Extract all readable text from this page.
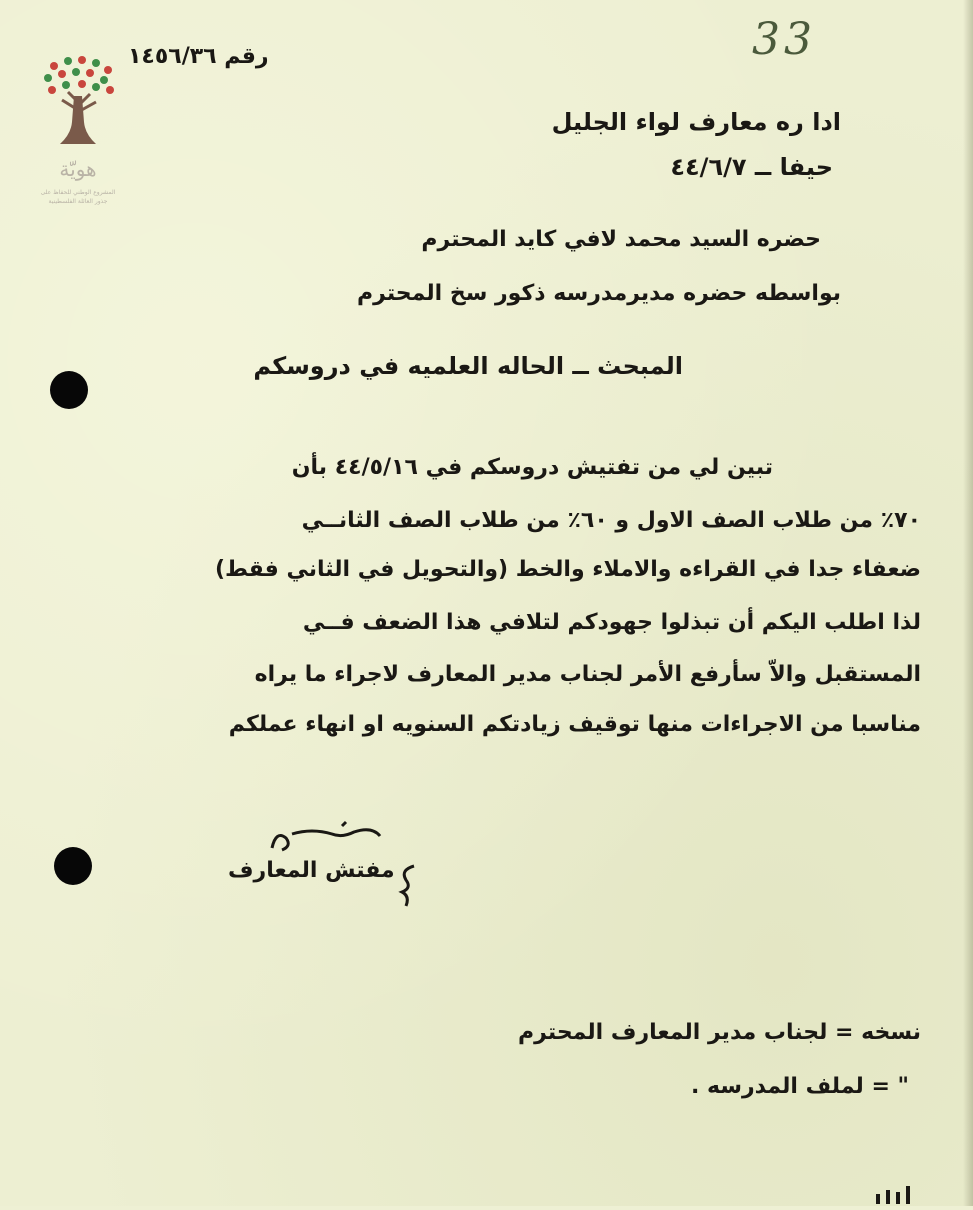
هويّة
المشروع الوطني للحفاظ على
جذور العائلة الفلسطينية
33
رقم ١٤٥٦/٣٦
ادا ره معارف لواء الجليل
حيفا ــ ٤٤/٦/٧
حضره السيد محمد لافي كايد المحترم
بواسطه حضره مديرمدرسه ذكور سخ المحترم
المبحث ــ الحاله العلميه في دروسكم
تبين لي من تفتيش دروسكم في ٤٤/٥/١٦ بأن
٧٠٪ من طلاب الصف الاول و ٦٠٪ من طلاب الصف الثانــي
ضعفاء جدا في القراءه والاملاء والخط (والتحويل في الثاني فقط)
لذا اطلب اليكم أن تبذلوا جهودكم لتلافي هذا الضعف فــي
المستقبل والاّ سأرفع الأمر لجناب مدير المعارف لاجراء ما يراه
مناسبا من الاجراءات منها توقيف زيادتكم السنويه او انهاء عملكم
مفتش المعارف
نسخه = لجناب مدير المعارف المحترم
" = لملف المدرسه .
